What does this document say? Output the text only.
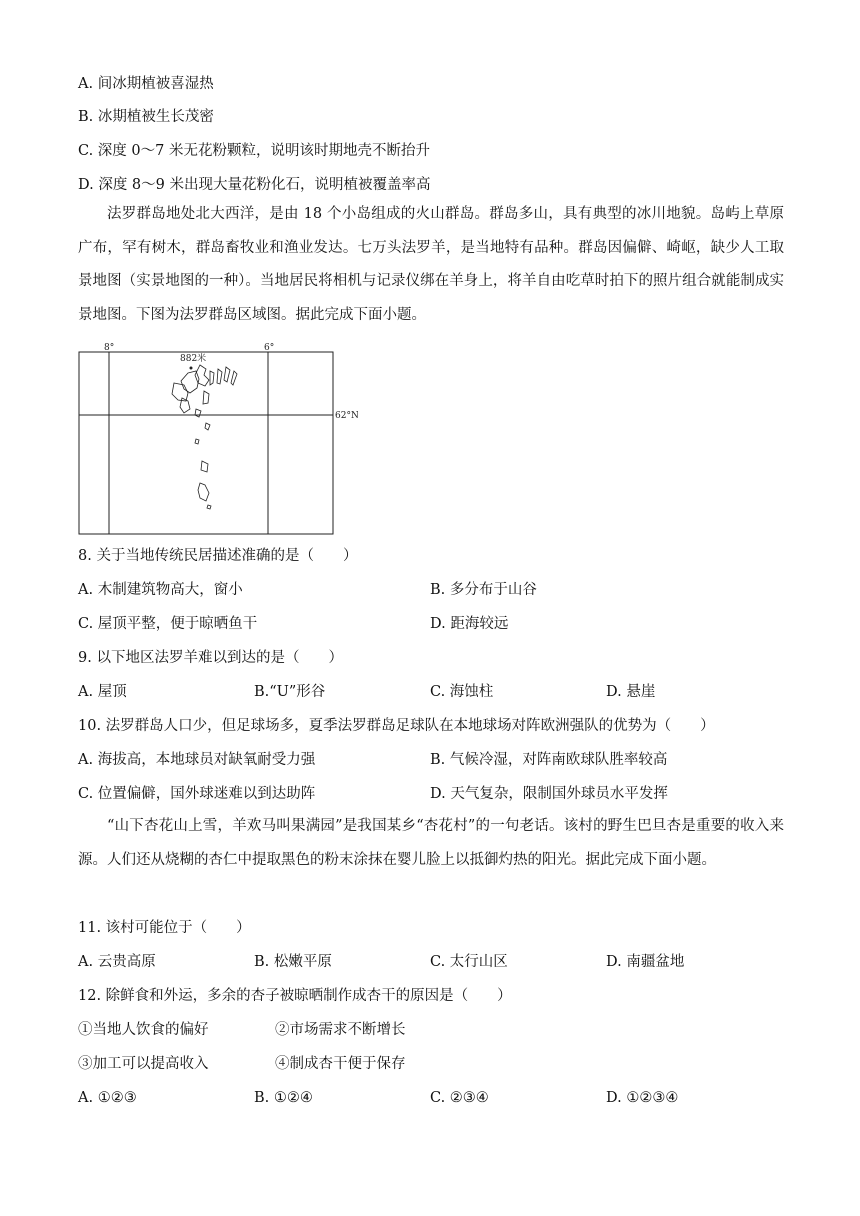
A. 间冰期植被喜湿热
B. 冰期植被生长茂密
C. 深度 0～7 米无花粉颗粒，说明该时期地壳不断抬升
D. 深度 8～9 米出现大量花粉化石，说明植被覆盖率高
法罗群岛地处北大西洋，是由 18 个小岛组成的火山群岛。群岛多山，具有典型的冰川地貌。岛屿上草原广布，罕有树木，群岛畜牧业和渔业发达。七万头法罗羊，是当地特有品种。群岛因偏僻、崎岖，缺少人工取景地图（实景地图的一种）。当地居民将相机与记录仪绑在羊身上，将羊自由吃草时拍下的照片组合就能制成实景地图。下图为法罗群岛区域图。据此完成下面小题。
8°	6°
62°N
882米
8. 关于当地传统民居描述准确的是（　　）
A. 木制建筑物高大，窗小	B. 多分布于山谷
C. 屋顶平整，便于晾晒鱼干	D. 距海较远
9. 以下地区法罗羊难以到达的是（　　）
A. 屋顶	B.“U”形谷	C. 海蚀柱	D. 悬崖
10. 法罗群岛人口少，但足球场多，夏季法罗群岛足球队在本地球场对阵欧洲强队的优势为（　　）
A. 海拔高，本地球员对缺氧耐受力强	B. 气候冷湿，对阵南欧球队胜率较高
C. 位置偏僻，国外球迷难以到达助阵	D. 天气复杂，限制国外球员水平发挥
“山下杏花山上雪，羊欢马叫果满园”是我国某乡“杏花村”的一句老话。该村的野生巴旦杏是重要的收入来源。人们还从烧糊的杏仁中提取黑色的粉末涂抹在婴儿脸上以抵御灼热的阳光。据此完成下面小题。
11. 该村可能位于（　　）
A. 云贵高原	B. 松嫩平原	C. 太行山区	D. 南疆盆地
12. 除鲜食和外运，多余的杏子被晾晒制作成杏干的原因是（　　）
①当地人饮食的偏好	②市场需求不断增长
③加工可以提高收入	④制成杏干便于保存
A. ①②③	B. ①②④	C. ②③④	D. ①②③④
